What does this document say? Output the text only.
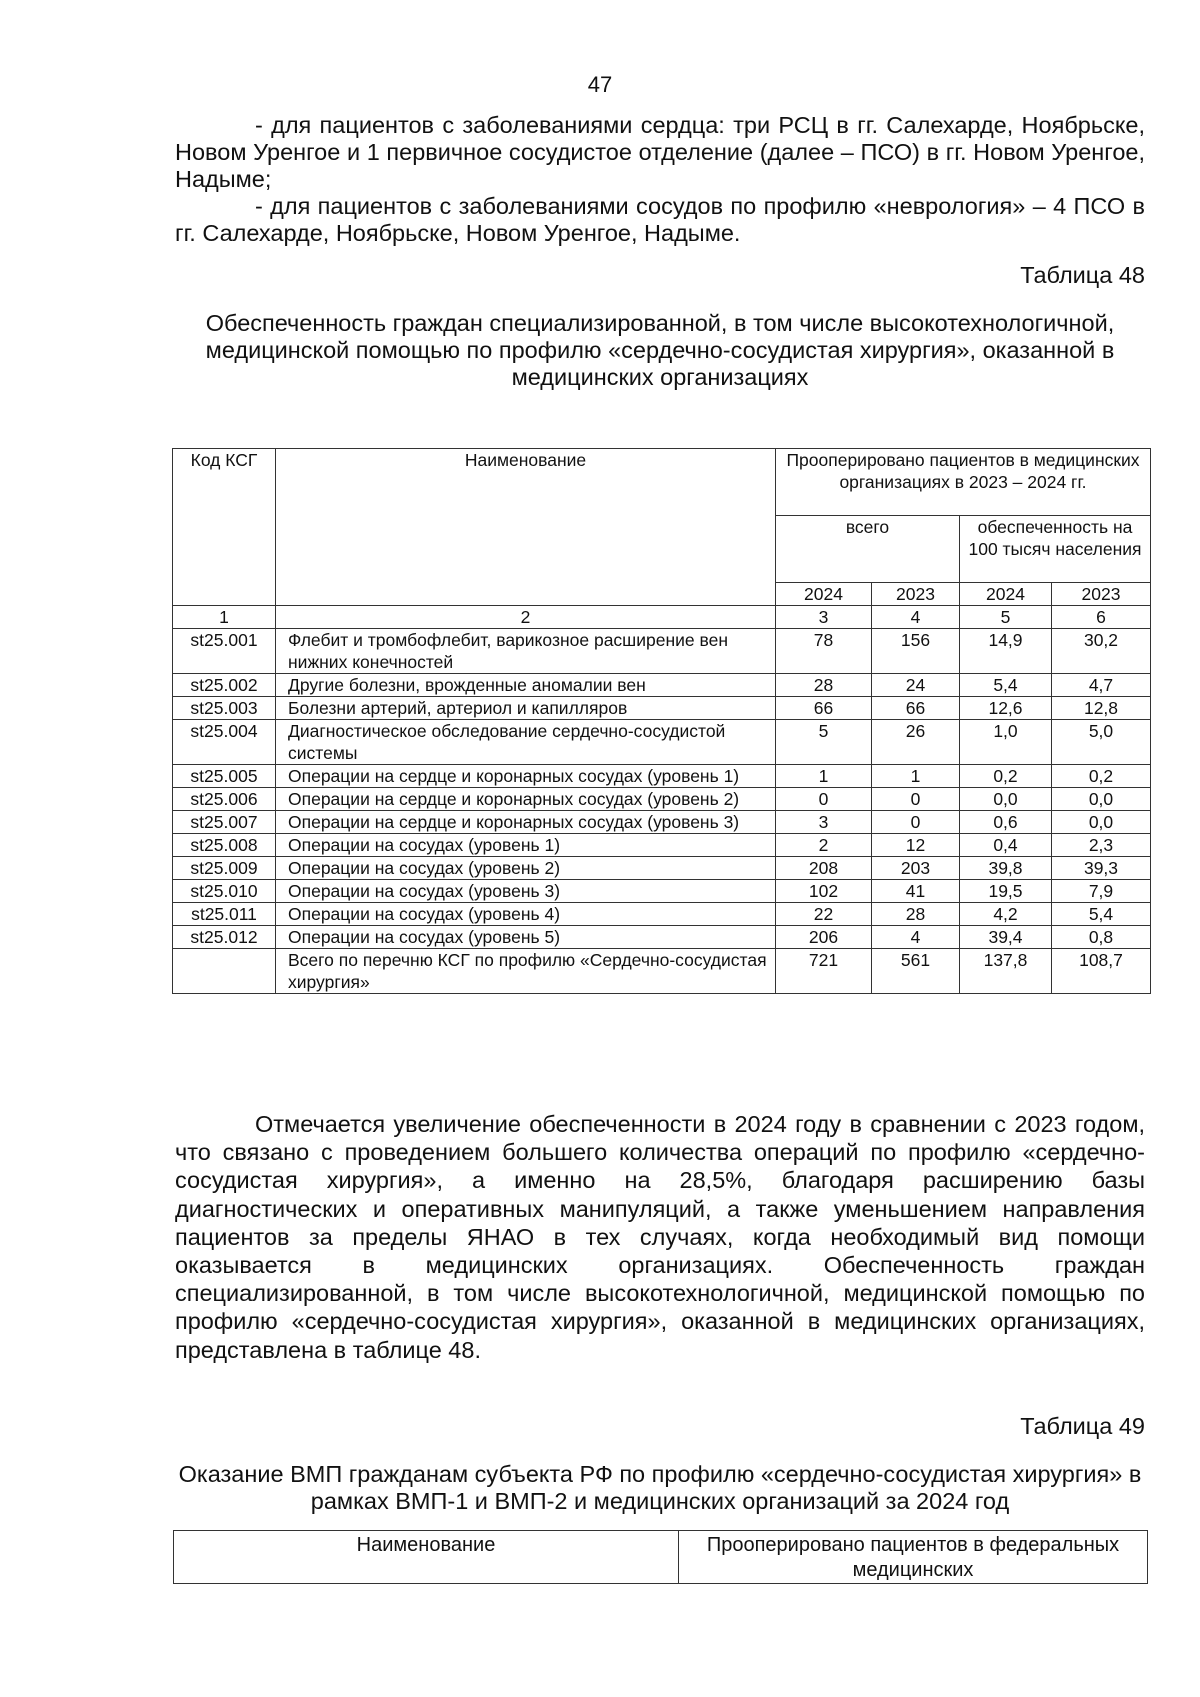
47

- для пациентов с заболеваниями сердца: три РСЦ в гг. Салехарде, Ноябрьске, Новом Уренгое и 1 первичное сосудистое отделение (далее – ПСО) в гг. Новом Уренгое, Надыме;

- для пациентов с заболеваниями сосудов по профилю «неврология» – 4 ПСО в гг. Салехарде, Ноябрьске, Новом Уренгое, Надыме.

Таблица 48

Обеспеченность граждан специализированной, в том числе высокотехнологичной, медицинской помощью по профилю «сердечно-сосудистая хирургия», оказанной в медицинских организациях

Код КСГ	Наименование	Прооперировано пациентов в медицинских организациях в 2023 – 2024 гг.			
		всего		обеспеченность на 100 тысяч населения	
		2024	2023	2024	2023
1	2	3	4	5	6
st25.001	Флебит и тромбофлебит, варикозное расширение вен нижних конечностей	78	156	14,9	30,2
st25.002	Другие болезни, врожденные аномалии вен	28	24	5,4	4,7
st25.003	Болезни артерий, артериол и капилляров	66	66	12,6	12,8
st25.004	Диагностическое обследование сердечно-сосудистой системы	5	26	1,0	5,0
st25.005	Операции на сердце и коронарных сосудах (уровень 1)	1	1	0,2	0,2
st25.006	Операции на сердце и коронарных сосудах (уровень 2)	0	0	0,0	0,0
st25.007	Операции на сердце и коронарных сосудах (уровень 3)	3	0	0,6	0,0
st25.008	Операции на сосудах (уровень 1)	2	12	0,4	2,3
st25.009	Операции на сосудах (уровень 2)	208	203	39,8	39,3
st25.010	Операции на сосудах (уровень 3)	102	41	19,5	7,9
st25.011	Операции на сосудах (уровень 4)	22	28	4,2	5,4
st25.012	Операции на сосудах (уровень 5)	206	4	39,4	0,8
	Всего по перечню КСГ по профилю «Сердечно-сосудистая хирургия»	721	561	137,8	108,7

Отмечается увеличение обеспеченности в 2024 году в сравнении с 2023 годом, что связано с проведением большего количества операций по профилю «сердечно-сосудистая хирургия», а именно на 28,5%, благодаря расширению базы диагностических и оперативных манипуляций, а также уменьшением направления пациентов за пределы ЯНАО в тех случаях, когда необходимый вид помощи оказывается в медицинских организациях. Обеспеченность граждан специализированной, в том числе высокотехнологичной, медицинской помощью по профилю «сердечно-сосудистая хирургия», оказанной в медицинских организациях, представлена в таблице 48.

Таблица 49

Оказание ВМП гражданам субъекта РФ по профилю «сердечно-сосудистая хирургия» в рамках ВМП-1 и ВМП-2 и медицинских организаций за 2024 год

Наименование	Прооперировано пациентов в федеральных медицинских
